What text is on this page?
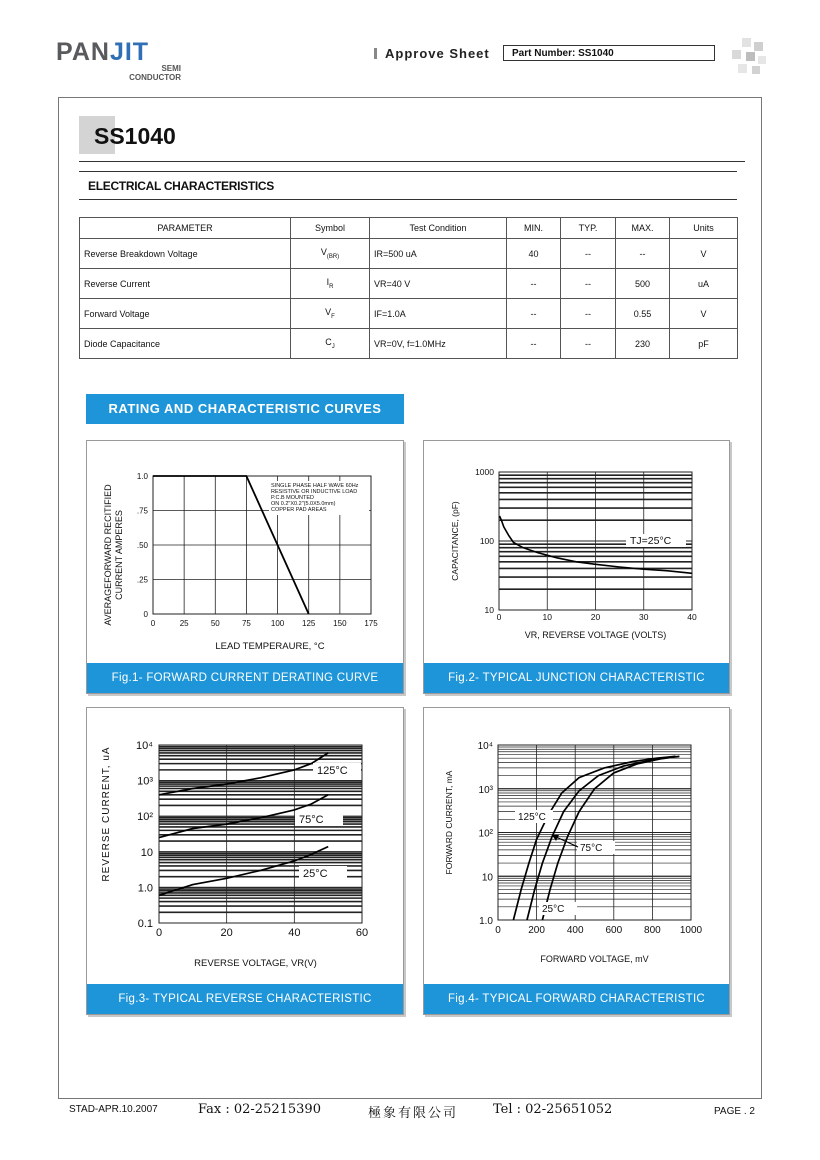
PANJIT
SEMI
CONDUCTOR
Approve Sheet	Part Number: SS1040
SS1040
ELECTRICAL CHARACTERISTICS
PARAMETER	Symbol	Test Condition	MIN.	TYP.	MAX.	Units
Reverse Breakdown Voltage	$V_{(BR)}$	IR=500 uA	40	--	--	V
Reverse Current	$I_R$	VR=40 V	--	--	500	uA
Forward Voltage	$V_F$	IF=1.0A	--	--	0.55	V
Diode Capacitance	$C_J$	VR=0V, f=1.0MHz	--	--	230	pF
RATING AND CHARACTERISTIC CURVES
0	25	50	75	100 125 150 175
0
.25
.50
.75
1.0
SINGLE PHASE HALF WAVE 60Hz
RESISTIVE OR INDUCTIVE LOAD
P.C.B MOUNTED
ON 0.2"X0.2"(5.0X5.0mm)
COPPER PAD AREAS
LEAD TEMPERAURE, °C
AVERAGEFORWARD RECITIFIED CURRENT AMPERES
Fig.1- FORWARD CURRENT DERATING CURVE
0	10	20	30	40
10
100
1000
TJ=25°C
VR, REVERSE VOLTAGE (VOLTS)
CAPACITANCE, (pF)
Fig.2- TYPICAL JUNCTION CHARACTERISTIC
0	20	40	60
0.1
1.0
10
10²
10³
10⁴
125°C
75°C
25°C
REVERSE VOLTAGE, VR(V)
REVERSE CURRENT, uA
Fig.3- TYPICAL REVERSE CHARACTERISTIC
0	200 400 600 800 1000
1.0
10
10²
10³
10⁴
125°C
75°C
25°C
FORWARD VOLTAGE, mV
FORWARD CURRENT, mA
Fig.4- TYPICAL FORWARD CHARACTERISTIC
STAD-APR.10.2007	Fax : 02-25215390	極象有限公司	Tel : 02-25651052	PAGE . 2
